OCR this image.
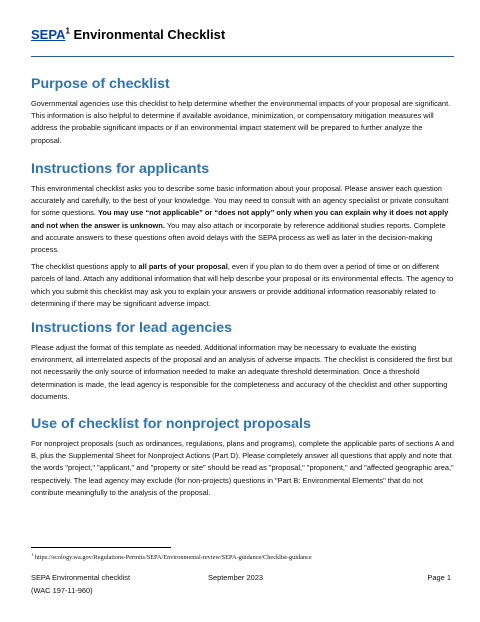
SEPA$^1$ Environmental Checklist
Purpose of checklist

Governmental agencies use this checklist to help determine whether the environmental impacts of your proposal are significant. This information is also helpful to determine if available avoidance, minimization, or compensatory mitigation measures will address the probable significant impacts or if an environmental impact statement will be prepared to further analyze the proposal.

Instructions for applicants

This environmental checklist asks you to describe some basic information about your proposal. Please answer each question accurately and carefully, to the best of your knowledge. You may need to consult with an agency specialist or private consultant for some questions. You may use “not applicable” or “does not apply” only when you can explain why it does not apply and not when the answer is unknown. You may also attach or incorporate by reference additional studies reports. Complete and accurate answers to these questions often avoid delays with the SEPA process as well as later in the decision-making process.

The checklist questions apply to all parts of your proposal, even if you plan to do them over a period of time or on different parcels of land. Attach any additional information that will help describe your proposal or its environmental effects. The agency to which you submit this checklist may ask you to explain your answers or provide additional information reasonably related to determining if there may be significant adverse impact.

Instructions for lead agencies

Please adjust the format of this template as needed. Additional information may be necessary to evaluate the existing environment, all interrelated aspects of the proposal and an analysis of adverse impacts. The checklist is considered the first but not necessarily the only source of information needed to make an adequate threshold determination. Once a threshold determination is made, the lead agency is responsible for the completeness and accuracy of the checklist and other supporting documents.

Use of checklist for nonproject proposals

For nonproject proposals (such as ordinances, regulations, plans and programs), complete the applicable parts of sections A and B, plus the Supplemental Sheet for Nonproject Actions (Part D). Please completely answer all questions that apply and note that the words "project," "applicant," and "property or site" should be read as "proposal," "proponent," and "affected geographic area," respectively. The lead agency may exclude (for non-projects) questions in "Part B: Environmental Elements" that do not contribute meaningfully to the analysis of the proposal.

$^1$ https://ecology.wa.gov/Regulations-Permits/SEPA/Environmental-review/SEPA-guidance/Checklist-guidance
SEPA Environmental checklist
(WAC 197-11-960)
September 2023	Page 1
